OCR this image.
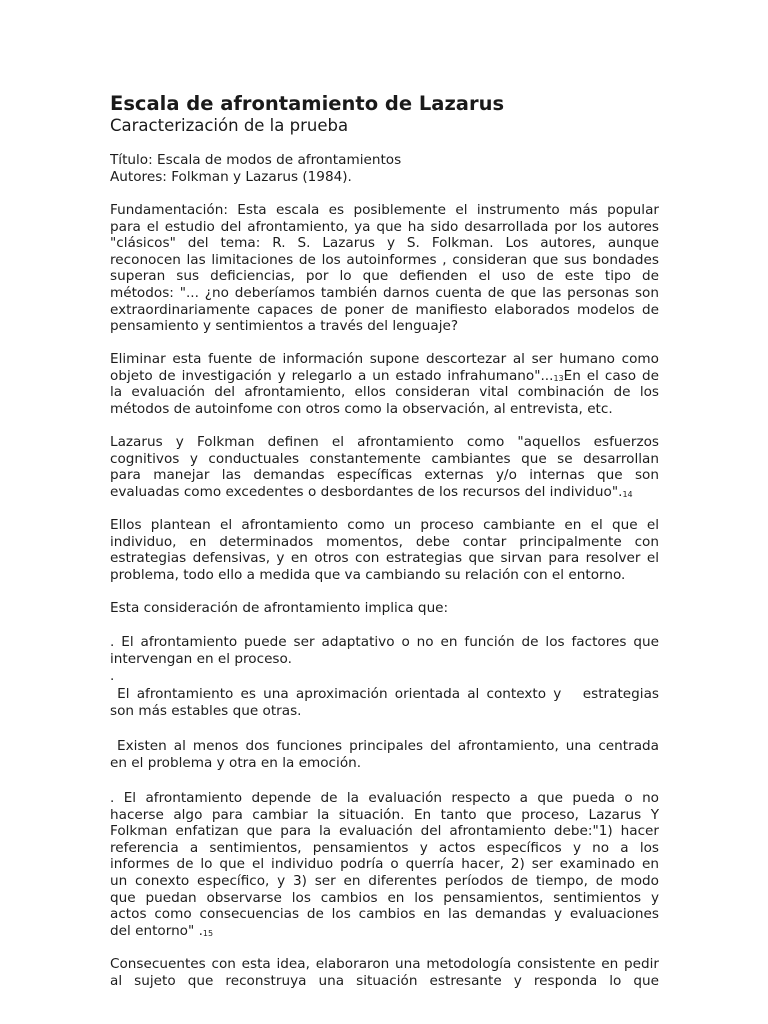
Escala de afrontamiento de Lazarus
Caracterización de la prueba

Título: Escala de modos de afrontamientos
Autores: Folkman y Lazarus (1984).

Fundamentación: Esta escala es posiblemente el instrumento más popular
para el estudio del afrontamiento, ya que ha sido desarrollada por los autores
"clásicos" del tema: R. S. Lazarus y S. Folkman. Los autores, aunque
reconocen las limitaciones de los autoinformes , consideran que sus bondades
superan sus deficiencias, por lo que defienden el uso de este tipo de
métodos: "... ¿no deberíamos también darnos cuenta de que las personas son
extraordinariamente capaces de poner de manifiesto elaborados modelos de
pensamiento y sentimientos a través del lenguaje?

Eliminar esta fuente de información supone descortezar al ser humano como
objeto de investigación y relegarlo a un estado infrahumano"...$^{13}$En el caso de
la evaluación del afrontamiento, ellos consideran vital combinación de los
métodos de autoinfome con otros como la observación, al entrevista, etc.

Lazarus y Folkman definen el afrontamiento como "aquellos esfuerzos
cognitivos y conductuales constantemente cambiantes que se desarrollan
para manejar las demandas específicas externas y/o internas que son
evaluadas como excedentes o desbordantes de los recursos del individuo".$^{14}$

Ellos plantean el afrontamiento como un proceso cambiante en el que el
individuo, en determinados momentos, debe contar principalmente con
estrategias defensivas, y en otros con estrategias que sirvan para resolver el
problema, todo ello a medida que va cambiando su relación con el entorno.

Esta consideración de afrontamiento implica que:

. El afrontamiento puede ser adaptativo o no en función de los factores que
intervengan en el proceso.

.

El afrontamiento es una aproximación orientada al contexto y   estrategias
son más estables que otras.

Existen al menos dos funciones principales del afrontamiento, una centrada
en el problema y otra en la emoción.

. El afrontamiento depende de la evaluación respecto a que pueda o no
hacerse algo para cambiar la situación. En tanto que proceso, Lazarus Y
Folkman enfatizan que para la evaluación del afrontamiento debe:"1) hacer
referencia a sentimientos, pensamientos y actos específicos y no a los
informes de lo que el individuo podría o querría hacer, 2) ser examinado en
un conexto específico, y 3) ser en diferentes períodos de tiempo, de modo
que puedan observarse los cambios en los pensamientos, sentimientos y
actos como consecuencias de los cambios en las demandas y evaluaciones
del entorno" .$^{15}$

Consecuentes con esta idea, elaboraron una metodología consistente en pedir
al sujeto que reconstruya una situación estresante y responda lo que
